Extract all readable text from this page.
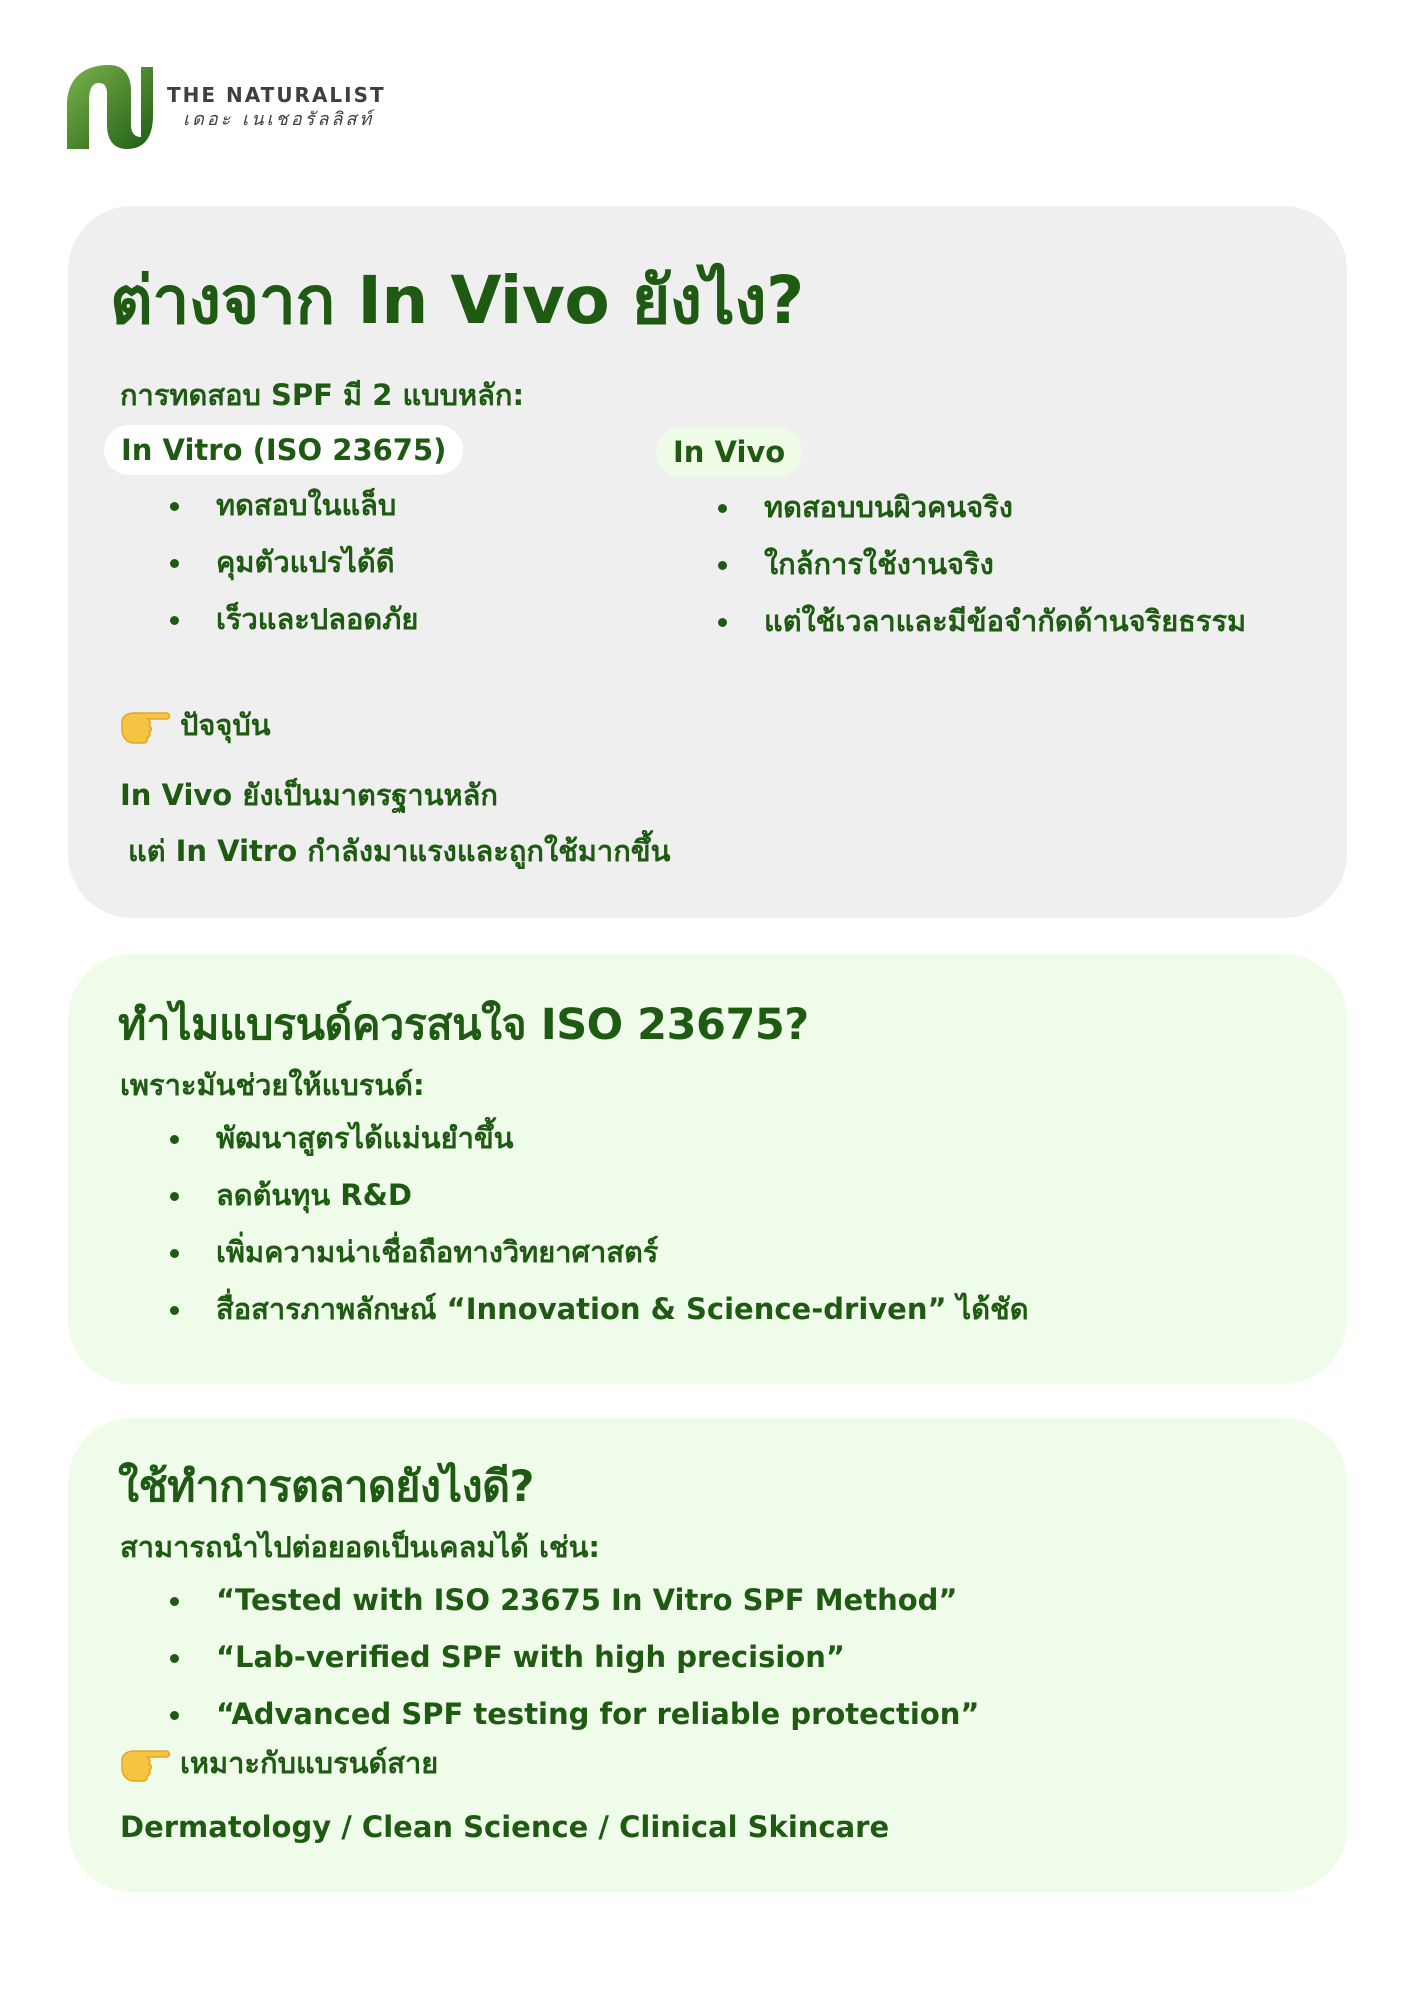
THE NATURALIST
เดอะ เนเชอรัลลิสท์
ต่างจาก In Vivo ยังไง?
การทดสอบ SPF มี 2 แบบหลัก:
In Vitro (ISO 23675)	In Vivo
ทดสอบในแล็บ
คุมตัวแปรได้ดี
เร็วและปลอดภัย
ทดสอบบนผิวคนจริง
ใกล้การใช้งานจริง
แต่ใช้เวลาและมีข้อจำกัดด้านจริยธรรม
ปัจจุบัน
In Vivo ยังเป็นมาตรฐานหลัก
แต่ In Vitro กำลังมาแรงและถูกใช้มากขึ้น
ทำไมแบรนด์ควรสนใจ ISO 23675?
เพราะมันช่วยให้แบรนด์:
พัฒนาสูตรได้แม่นยำขึ้น
ลดต้นทุน R&D
เพิ่มความน่าเชื่อถือทางวิทยาศาสตร์
สื่อสารภาพลักษณ์ “Innovation & Science-driven” ได้ชัด
ใช้ทำการตลาดยังไงดี?
สามารถนำไปต่อยอดเป็นเคลมได้ เช่น:
“Tested with ISO 23675 In Vitro SPF Method”
“Lab-verified SPF with high precision”
“Advanced SPF testing for reliable protection”
เหมาะกับแบรนด์สาย
Dermatology / Clean Science / Clinical Skincare
